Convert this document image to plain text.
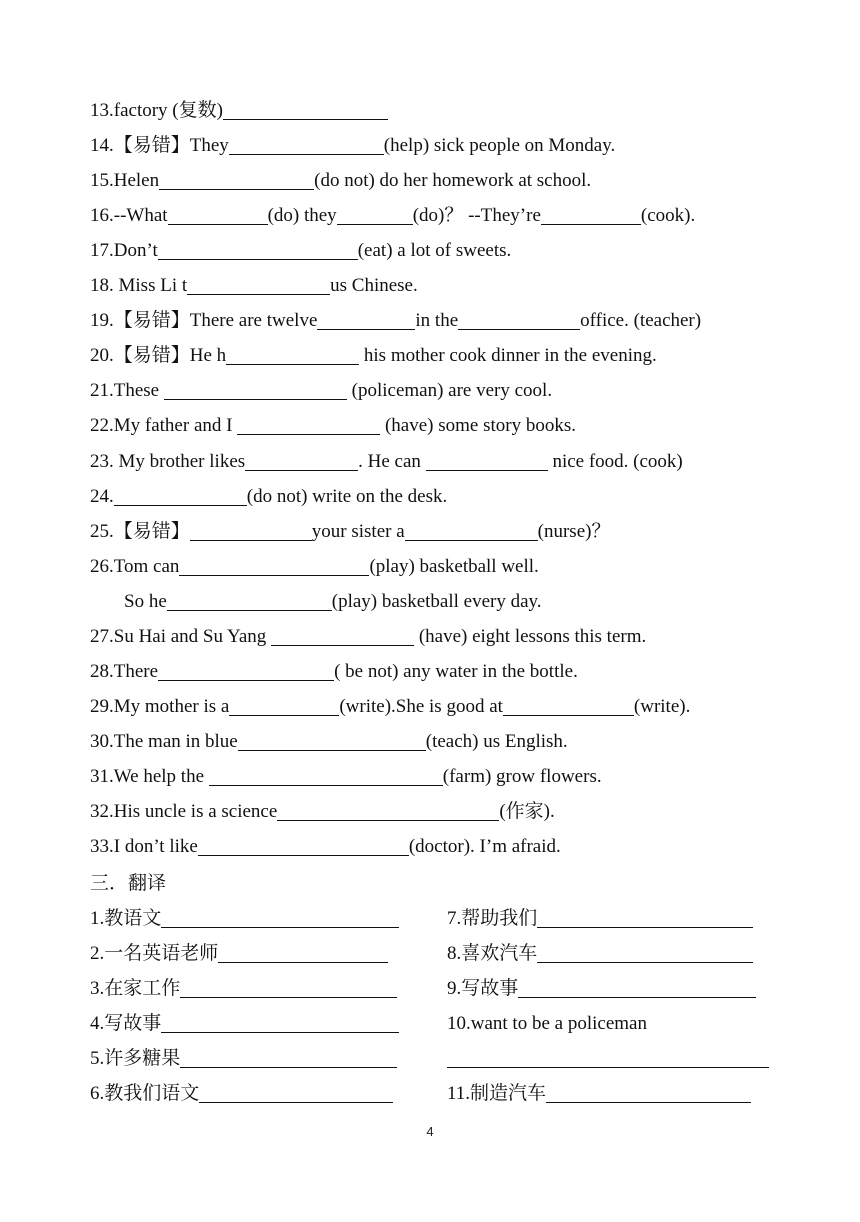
13.factory (复数)
14.【易错】They	(help) sick people on Monday.
15.Helen	(do not) do her homework at school.
16.--What	(do) they	(do)？ --They’re	(cook).
17.Don’t	(eat) a lot of sweets.
18. Miss Li t	us Chinese.
19.【易错】There are twelve	in the	office. (teacher)
20.【易错】He h	his mother cook dinner in the evening.
21.These	(policeman) are very cool.
22.My father and I	(have) some story books.
23. My brother likes	. He can	nice food. (cook)
24.	(do not) write on the desk.
25.【易错】	your sister a	(nurse)？
26.Tom can	(play) basketball well.
So he	(play) basketball every day.
27.Su Hai and Su Yang	(have) eight lessons this term.
28.There	( be not) any water in the bottle.
29.My mother is a	(write).She is good at	(write).
30.The man in blue	(teach) us English.
31.We help the	(farm) grow flowers.
32.His uncle is a science	(作家).
33.I don’t like	(doctor). I’m afraid.
三．翻译
1.教语文
2.一名英语老师
3.在家工作
4.写故事
5.许多糖果
6.教我们语文
7.帮助我们
8.喜欢汽车
9.写故事
10.want to be a policeman
11.制造汽车
4
